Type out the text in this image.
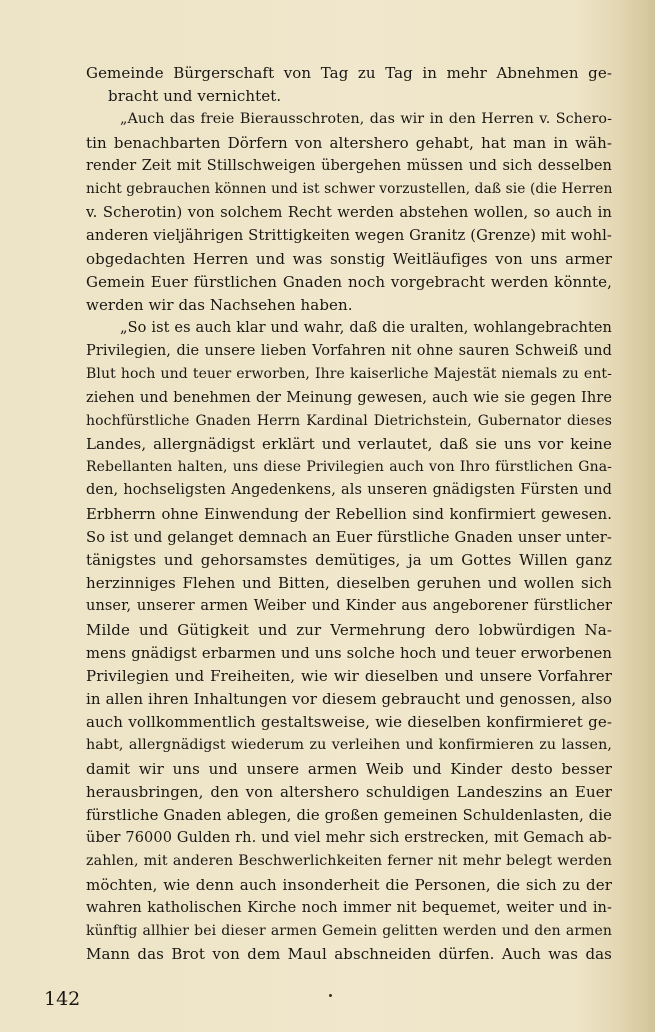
Gemeinde Bürgerschaft von Tag zu Tag in mehr Abnehmen ge-
bracht und vernichtet.
„Auch das freie Bierausschroten, das wir in den Herren v. Schero-
tin benachbarten Dörfern von altershero gehabt, hat man in wäh-
render Zeit mit Stillschweigen übergehen müssen und sich desselben
nicht gebrauchen können und ist schwer vorzustellen, daß sie (die Herren
v. Scherotin) von solchem Recht werden abstehen wollen, so auch in
anderen vieljährigen Strittigkeiten wegen Granitz (Grenze) mit wohl-
obgedachten Herren und was sonstig Weitläufiges von uns armer
Gemein Euer fürstlichen Gnaden noch vorgebracht werden könnte,
werden wir das Nachsehen haben.
„So ist es auch klar und wahr, daß die uralten, wohlangebrachten
Privilegien, die unsere lieben Vorfahren nit ohne sauren Schweiß und
Blut hoch und teuer erworben, Ihre kaiserliche Majestät niemals zu ent-
ziehen und benehmen der Meinung gewesen, auch wie sie gegen Ihre
hochfürstliche Gnaden Herrn Kardinal Dietrichstein, Gubernator dieses
Landes, allergnädigst erklärt und verlautet, daß sie uns vor keine
Rebellanten halten, uns diese Privilegien auch von Ihro fürstlichen Gna-
den, hochseligsten Angedenkens, als unseren gnädigsten Fürsten und
Erbherrn ohne Einwendung der Rebellion sind konfirmiert gewesen.
So ist und gelanget demnach an Euer fürstliche Gnaden unser unter-
tänigstes und gehorsamstes demütiges, ja um Gottes Willen ganz
herzinniges Flehen und Bitten, dieselben geruhen und wollen sich
unser, unserer armen Weiber und Kinder aus angeborener fürstlicher
Milde und Gütigkeit und zur Vermehrung dero lobwürdigen Na-
mens gnädigst erbarmen und uns solche hoch und teuer erworbenen
Privilegien und Freiheiten, wie wir dieselben und unsere Vorfahrer
in allen ihren Inhaltungen vor diesem gebraucht und genossen, also
auch vollkommentlich gestaltsweise, wie dieselben konfirmieret ge-
habt, allergnädigst wiederum zu verleihen und konfirmieren zu lassen,
damit wir uns und unsere armen Weib und Kinder desto besser
herausbringen, den von altershero schuldigen Landeszins an Euer
fürstliche Gnaden ablegen, die großen gemeinen Schuldenlasten, die
über 76000 Gulden rh. und viel mehr sich erstrecken, mit Gemach ab-
zahlen, mit anderen Beschwerlichkeiten ferner nit mehr belegt werden
möchten, wie denn auch insonderheit die Personen, die sich zu der
wahren katholischen Kirche noch immer nit bequemet, weiter und in-
künftig allhier bei dieser armen Gemein gelitten werden und den armen
Mann das Brot von dem Maul abschneiden dürfen. Auch was das
142
